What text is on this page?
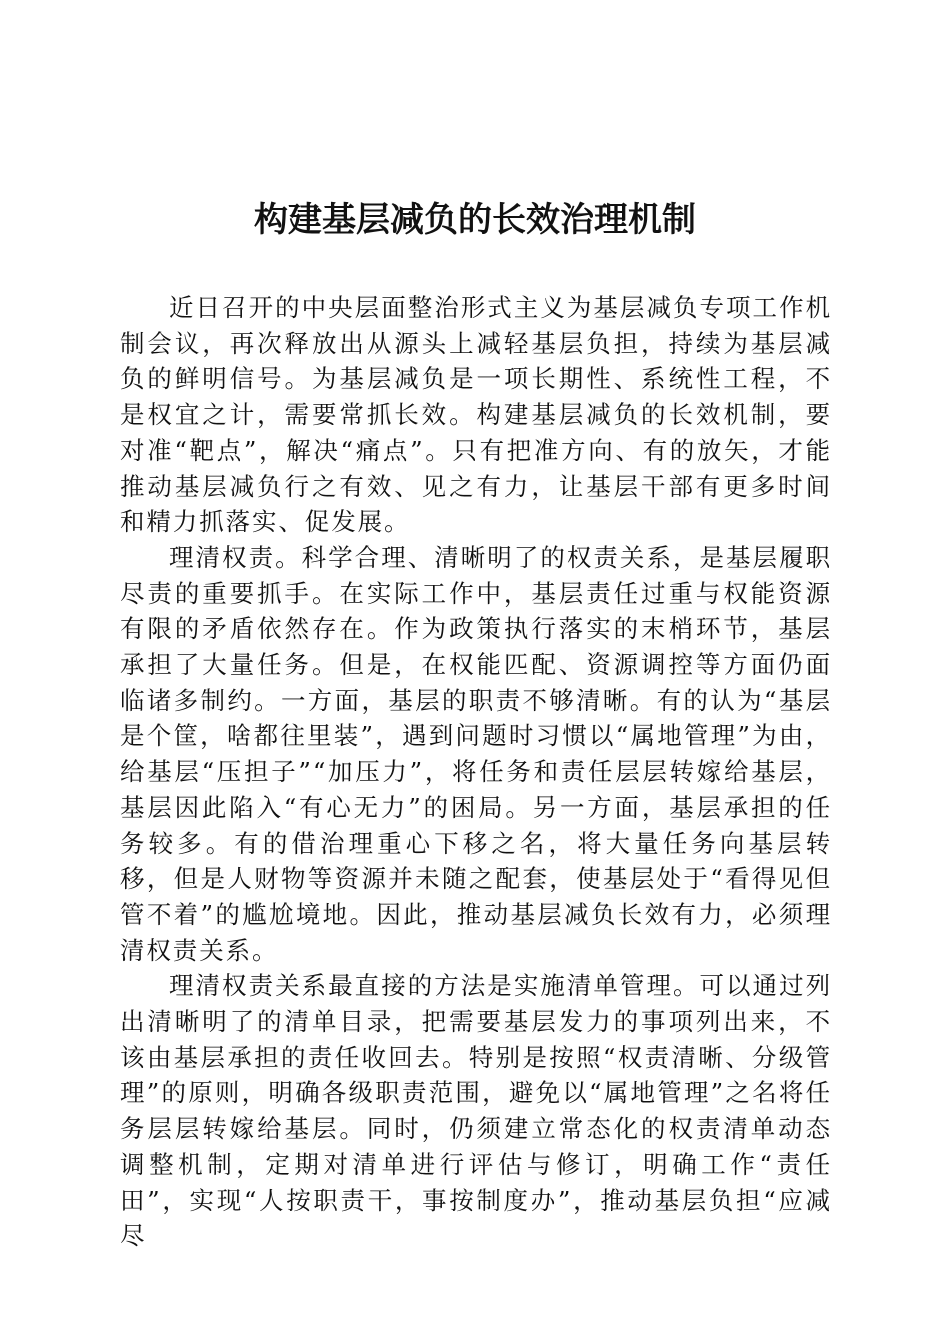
构建基层减负的长效治理机制

近日召开的中央层面整治形式主义为基层减负专项工作机制会议，再次释放出从源头上减轻基层负担，持续为基层减负的鲜明信号。为基层减负是一项长期性、系统性工程，不是权宜之计，需要常抓长效。构建基层减负的长效机制，要对准“靶点”，解决“痛点”。只有把准方向、有的放矢，才能推动基层减负行之有效、见之有力，让基层干部有更多时间和精力抓落实、促发展。

理清权责。科学合理、清晰明了的权责关系，是基层履职尽责的重要抓手。在实际工作中，基层责任过重与权能资源有限的矛盾依然存在。作为政策执行落实的末梢环节，基层承担了大量任务。但是，在权能匹配、资源调控等方面仍面临诸多制约。一方面，基层的职责不够清晰。有的认为“基层是个筐，啥都往里装”，遇到问题时习惯以“属地管理”为由，给基层“压担子”“加压力”，将任务和责任层层转嫁给基层，基层因此陷入“有心无力”的困局。另一方面，基层承担的任务较多。有的借治理重心下移之名，将大量任务向基层转移，但是人财物等资源并未随之配套，使基层处于“看得见但管不着”的尴尬境地。因此，推动基层减负长效有力，必须理清权责关系。

理清权责关系最直接的方法是实施清单管理。可以通过列出清晰明了的清单目录，把需要基层发力的事项列出来，不该由基层承担的责任收回去。特别是按照“权责清晰、分级管理”的原则，明确各级职责范围，避免以“属地管理”之名将任务层层转嫁给基层。同时，仍须建立常态化的权责清单动态调整机制，定期对清单进行评估与修订，明确工作“责任田”，实现“人按职责干，事按制度办”，推动基层负担“应减尽
